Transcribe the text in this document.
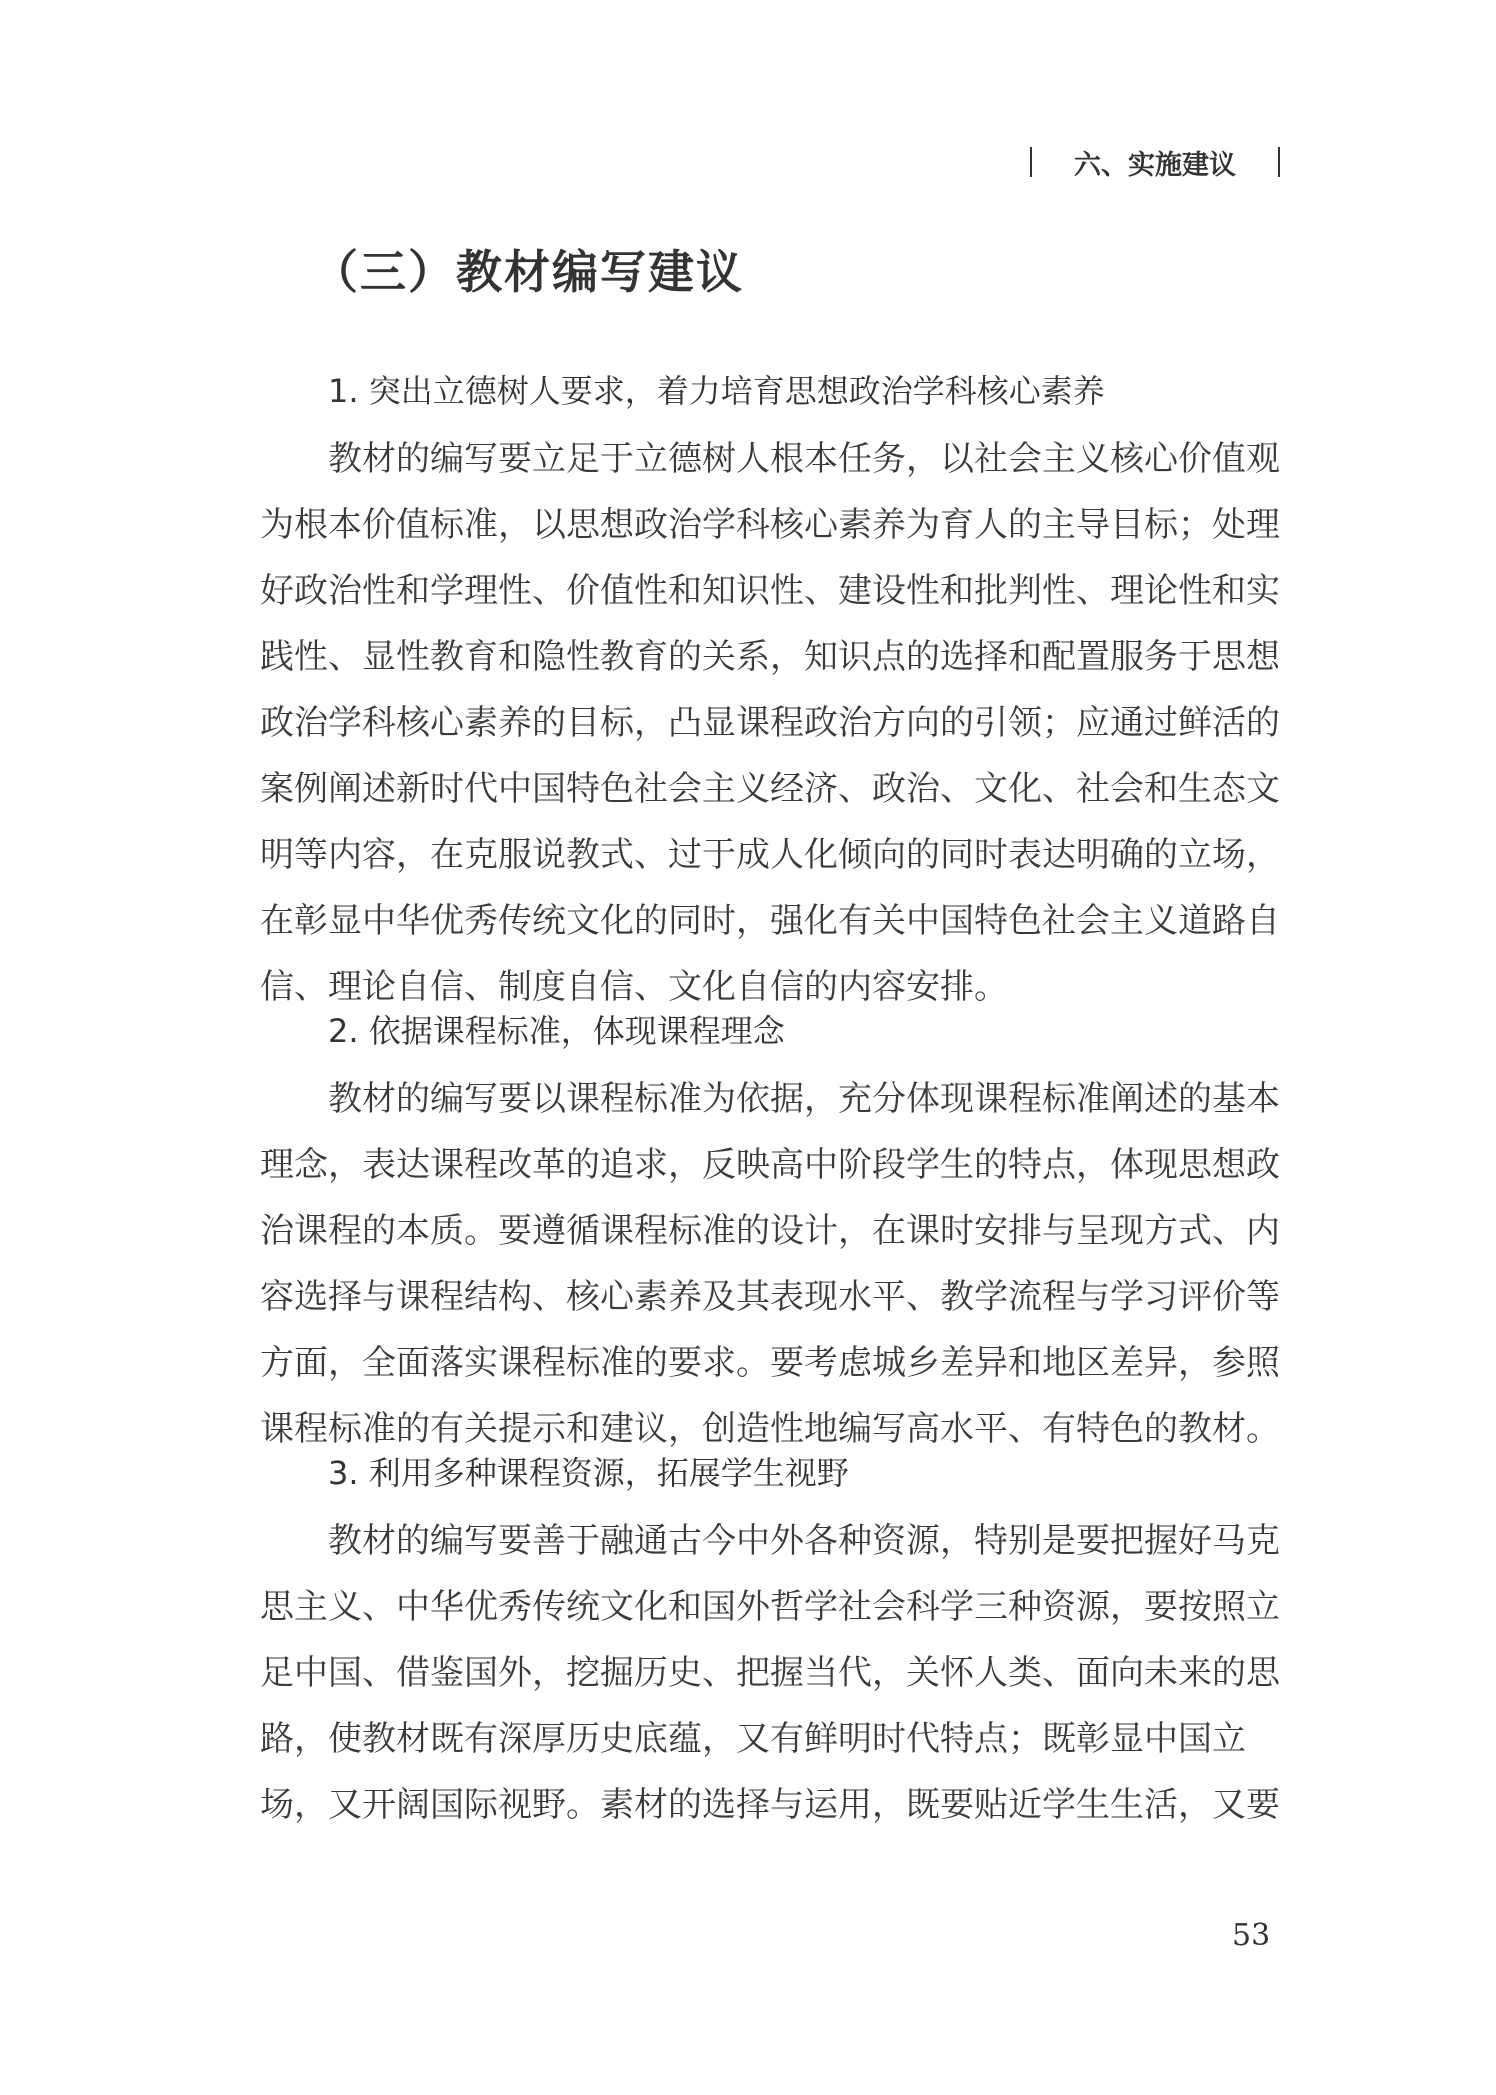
六、实施建议
（三）教材编写建议
1. 突出立德树人要求，着力培育思想政治学科核心素养
教材的编写要立足于立德树人根本任务，以社会主义核心价值观
为根本价值标准，以思想政治学科核心素养为育人的主导目标；处理
好政治性和学理性、价值性和知识性、建设性和批判性、理论性和实
践性、显性教育和隐性教育的关系，知识点的选择和配置服务于思想
政治学科核心素养的目标，凸显课程政治方向的引领；应通过鲜活的
案例阐述新时代中国特色社会主义经济、政治、文化、社会和生态文
明等内容，在克服说教式、过于成人化倾向的同时表达明确的立场，
在彰显中华优秀传统文化的同时，强化有关中国特色社会主义道路自
信、理论自信、制度自信、文化自信的内容安排。
2. 依据课程标准，体现课程理念
教材的编写要以课程标准为依据，充分体现课程标准阐述的基本
理念，表达课程改革的追求，反映高中阶段学生的特点，体现思想政
治课程的本质。要遵循课程标准的设计，在课时安排与呈现方式、内
容选择与课程结构、核心素养及其表现水平、教学流程与学习评价等
方面，全面落实课程标准的要求。要考虑城乡差异和地区差异，参照
课程标准的有关提示和建议，创造性地编写高水平、有特色的教材。
3. 利用多种课程资源，拓展学生视野
教材的编写要善于融通古今中外各种资源，特别是要把握好马克
思主义、中华优秀传统文化和国外哲学社会科学三种资源，要按照立
足中国、借鉴国外，挖掘历史、把握当代，关怀人类、面向未来的思
路，使教材既有深厚历史底蕴，又有鲜明时代特点；既彰显中国立
场，又开阔国际视野。素材的选择与运用，既要贴近学生生活，又要
53
